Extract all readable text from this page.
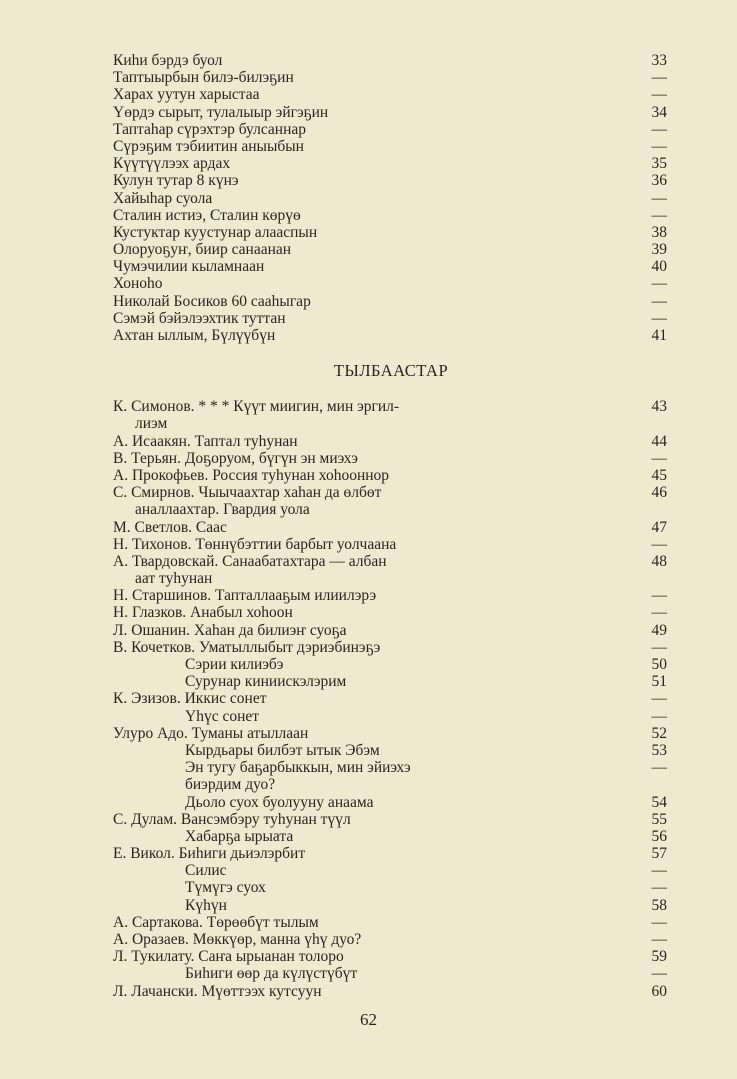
Киһи бэрдэ буол	33
Таптыырбын билэ-билэҕин	—
Харах уутун харыстаа	—
Үөрдэ сырыт, тулалыыр эйгэҕин	34
Таптаһар сүрэхтэр булсаннар	—
Сүрэҕим тэбиитин аныыбын	—
Күүтүүлээх ардах	35
Кулун тутар 8 күнэ	36
Хайыһар суола	—
Сталин истиэ, Сталин көрүө	—
Кустуктар куустунар алааспын	38
Олоруоҕуҥ, биир санаанан	39
Чумэчилии кыламнаан	40
Хоноһо	—
Николай Босиков 60 сааһыгар	—
Сэмэй бэйэлээхтик туттан	—
Ахтан ыллым, Бүлүүбүн	41
ТЫЛБААСТАР
К. Симонов. * * * Күүт миигин, мин эргил-	43
лиэм
А. Исаакян. Таптал туһунан	44
В. Терьян. Доҕоруом, бүгүн эн миэхэ	—
А. Прокофьев. Россия туһунан хоһооннор	45
С. Смирнов. Чыычаахтар хаһан да өлбөт	46
аналлаахтар. Гвардия уола
М. Светлов. Саас	47
Н. Тихонов. Төннүбэттии барбыт уолчаана	—
А. Твардовскай. Санаабатахтара — албан	48
аат туһунан
Н. Старшинов. Тапталлааҕым илиилэрэ	—
Н. Глазков. Анабыл хоһоон	—
Л. Ошанин. Хаһан да билиэҥ суоҕа	49
В. Кочетков. Уматыллыбыт дэриэбинэҕэ	—
Сэрии килиэбэ	50
Сурунар киниискэлэрим	51
К. Эзизов. Иккис сонет	—
Үһүс сонет	—
Улуро Адо. Туманы атыллаан	52
Кырдьары билбэт ытык Эбэм	53
Эн тугу баҕарбыккын, мин эйиэхэ	—
биэрдим дуо?
Дьоло суох буолууну анаама	54
С. Дулам. Вансэмбэру туһунан түүл	55
Хабарҕа ырыата	56
Е. Викол. Биһиги дьиэлэрбит	57
Силис	—
Түмүгэ суох	—
Күһүн	58
А. Сартакова. Төрөөбүт тылым	—
А. Оразаев. Мөккүөр, манна үһү дуо?	—
Л. Тукилату. Саҥа ырыанан толоро	59
Биһиги өөр да күлүстүбүт	—
Л. Лачански. Мүөттээх кутсуун	60
62
